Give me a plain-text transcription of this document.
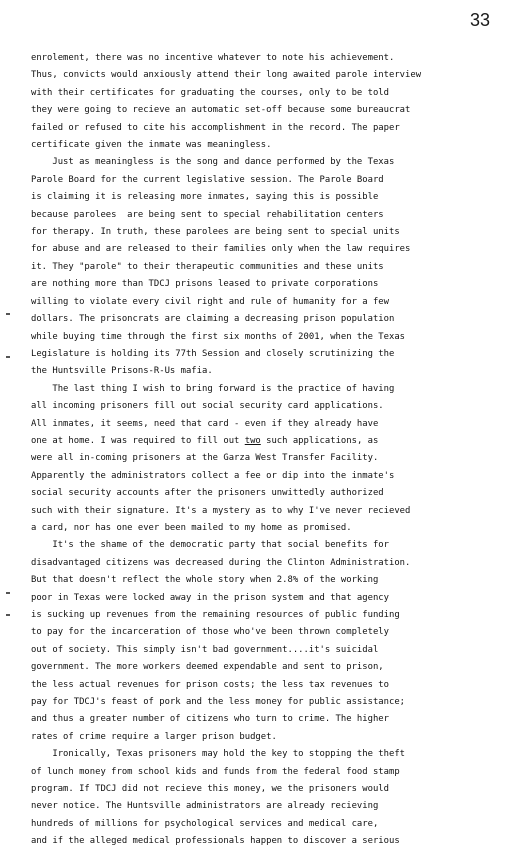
33
enrolement, there was no incentive whatever to note his achievement.
Thus, convicts would anxiously attend their long awaited parole interview
with their certificates for graduating the courses, only to be told
they were going to recieve an automatic set-off because some bureaucrat
failed or refused to cite his accomplishment in the record. The paper
certificate given the inmate was meaningless.
Just as meaningless is the song and dance performed by the Texas
Parole Board for the current legislative session. The Parole Board
is claiming it is releasing more inmates, saying this is possible
because parolees  are being sent to special rehabilitation centers
for therapy. In truth, these parolees are being sent to special units
for abuse and are released to their families only when the law requires
it. They "parole" to their therapeutic communities and these units
are nothing more than TDCJ prisons leased to private corporations
willing to violate every civil right and rule of humanity for a few
dollars. The prisoncrats are claiming a decreasing prison population
while buying time through the first six months of 2001, when the Texas
Legislature is holding its 77th Session and closely scrutinizing the
the Huntsville Prisons-R-Us mafia.
The last thing I wish to bring forward is the practice of having
all incoming prisoners fill out social security card applications.
All inmates, it seems, need that card - even if they already have
one at home. I was required to fill out two such applications, as
were all in-coming prisoners at the Garza West Transfer Facility.
Apparently the administrators collect a fee or dip into the inmate's
social security accounts after the prisoners unwittedly authorized
such with their signature. It's a mystery as to why I've never recieved
a card, nor has one ever been mailed to my home as promised.
It's the shame of the democratic party that social benefits for
disadvantaged citizens was decreased during the Clinton Administration.
But that doesn't reflect the whole story when 2.8% of the working
poor in Texas were locked away in the prison system and that agency
is sucking up revenues from the remaining resources of public funding
to pay for the incarceration of those who've been thrown completely
out of society. This simply isn't bad government....it's suicidal
government. The more workers deemed expendable and sent to prison,
the less actual revenues for prison costs; the less tax revenues to
pay for TDCJ's feast of pork and the less money for public assistance;
and thus a greater number of citizens who turn to crime. The higher
rates of crime require a larger prison budget.
Ironically, Texas prisoners may hold the key to stopping the theft
of lunch money from school kids and funds from the federal food stamp
program. If TDCJ did not recieve this money, we the prisoners would
never notice. The Huntsville administrators are already recieving
hundreds of millions for psychological services and medical care,
and if the alleged medical professionals happen to discover a serious
